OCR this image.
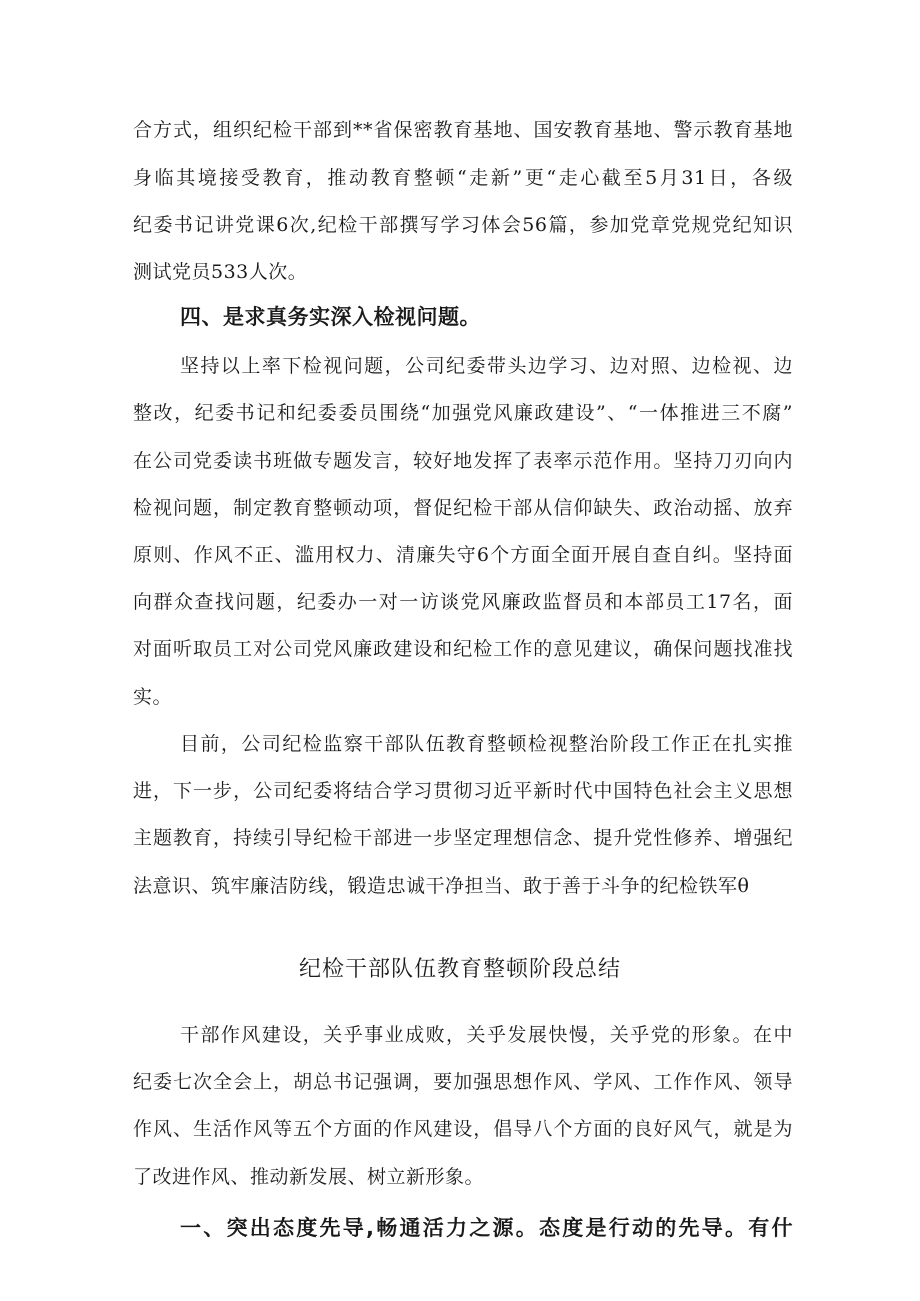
合方式，组织纪检干部到**省保密教育基地、国安教育基地、警示教育基地
身临其境接受教育，推动教育整顿“走新”更“走心截至5月31日，各级
纪委书记讲党课6次,纪检干部撰写学习体会56篇，参加党章党规党纪知识
测试党员533人次。
四、是求真务实深入检视问题。
坚持以上率下检视问题，公司纪委带头边学习、边对照、边检视、边
整改，纪委书记和纪委委员围绕“加强党风廉政建设”、“一体推进三不腐”
在公司党委读书班做专题发言，较好地发挥了表率示范作用。坚持刀刃向内
检视问题，制定教育整顿动项，督促纪检干部从信仰缺失、政治动摇、放弃
原则、作风不正、滥用权力、清廉失守6个方面全面开展自查自纠。坚持面
向群众查找问题，纪委办一对一访谈党风廉政监督员和本部员工17名，面
对面听取员工对公司党风廉政建设和纪检工作的意见建议，确保问题找准找
实。
目前，公司纪检监察干部队伍教育整顿检视整治阶段工作正在扎实推
进，下一步，公司纪委将结合学习贯彻习近平新时代中国特色社会主义思想
主题教育，持续引导纪检干部进一步坚定理想信念、提升党性修养、增强纪
法意识、筑牢廉洁防线，锻造忠诚干净担当、敢于善于斗争的纪检铁军θ
纪检干部队伍教育整顿阶段总结
干部作风建设，关乎事业成败，关乎发展快慢，关乎党的形象。在中
纪委七次全会上，胡总书记强调，要加强思想作风、学风、工作作风、领导
作风、生活作风等五个方面的作风建设，倡导八个方面的良好风气，就是为
了改进作风、推动新发展、树立新形象。
一、突出态度先导,畅通活力之源。态度是行动的先导。有什
